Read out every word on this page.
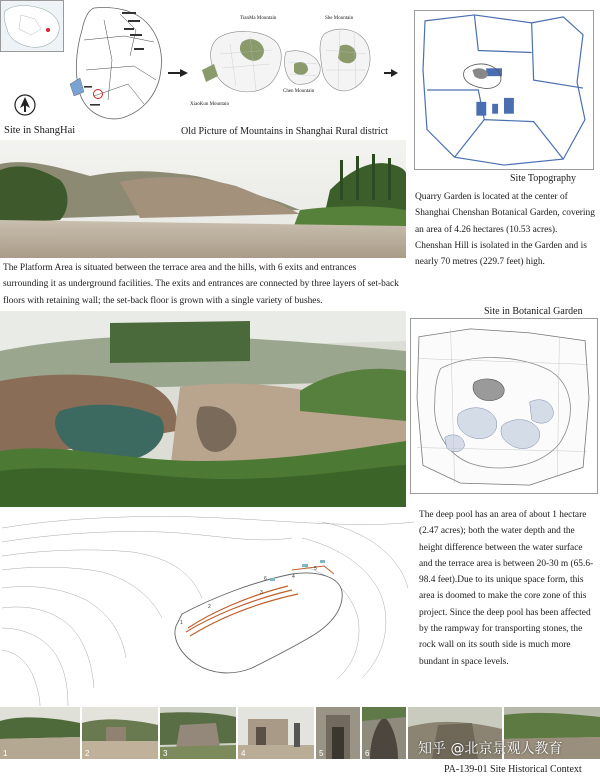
Site in ShangHai
TianMa Mountain	She Mountain
XiaoKun Mountain
Chen Mountain
Old Picture of Mountains in Shanghai Rural district
Site Topography
Quarry Garden is located at the center of Shanghai Chenshan Botanical Garden, covering an area of 4.26 hectares (10.53 acres). Chenshan Hill is isolated in the Garden and is nearly 70 metres (229.7 feet) high.
The Platform Area is situated between the terrace area and the hills, with 6 exits and entrances surrounding it as underground facilities. The exits and entrances are connected by three layers of set-back floors with retaining wall; the set-back floor is grown with a single variety of bushes.
Site in Botanical Garden
1
2
3
4
5
6
The deep pool has an area of about 1 hectare (2.47 acres); both the water depth and the height difference between the water surface and the terrace area is between 20-30 m (65.6-98.4 feet).Due to its unique space form, this area is doomed to make the core zone of this project. Since the deep pool has been affected by the rampway for transporting stones, the rock wall on its south side is much more bundant in space levels.
1	2	3	4	5	6	知乎 @北京景观人教育
PA-139-01 Site Historical Context
